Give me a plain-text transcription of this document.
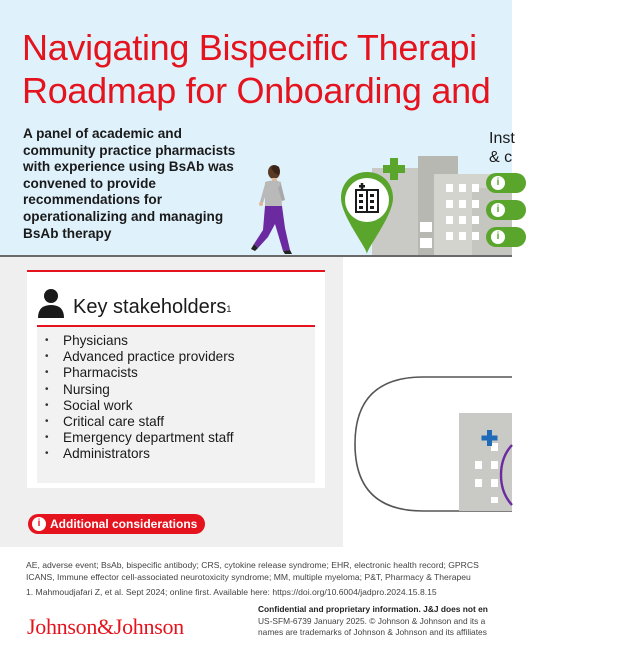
Navigating Bispecific Therapi
Roadmap for Onboarding and

A panel of academic and community practice pharmacists with experience using BsAb was convened to provide recommendations for operationalizing and managing BsAb therapy

Inst
& c
i
i
i
Key stakeholders$^1$
• Physicians
• Advanced practice providers
• Pharmacists
• Nursing
• Social work
• Critical care staff
• Emergency department staff
• Administrators
i Additional considerations
AE, adverse event; BsAb, bispecific antibody; CRS, cytokine release syndrome; EHR, electronic health record; GPRCS
ICANS, Immune effector cell-associated neurotoxicity syndrome; MM, multiple myeloma; P&T, Pharmacy & Therapeu
1. Mahmoudjafari Z, et al. Sept 2024; online first. Available here: https://doi.org/10.6004/jadpro.2024.15.8.15
Johnson&Johnson
Confidential and proprietary information. J&J does not en
US-SFM-6739 January 2025. © Johnson & Johnson and its a
names are trademarks of Johnson & Johnson and its affiliates
